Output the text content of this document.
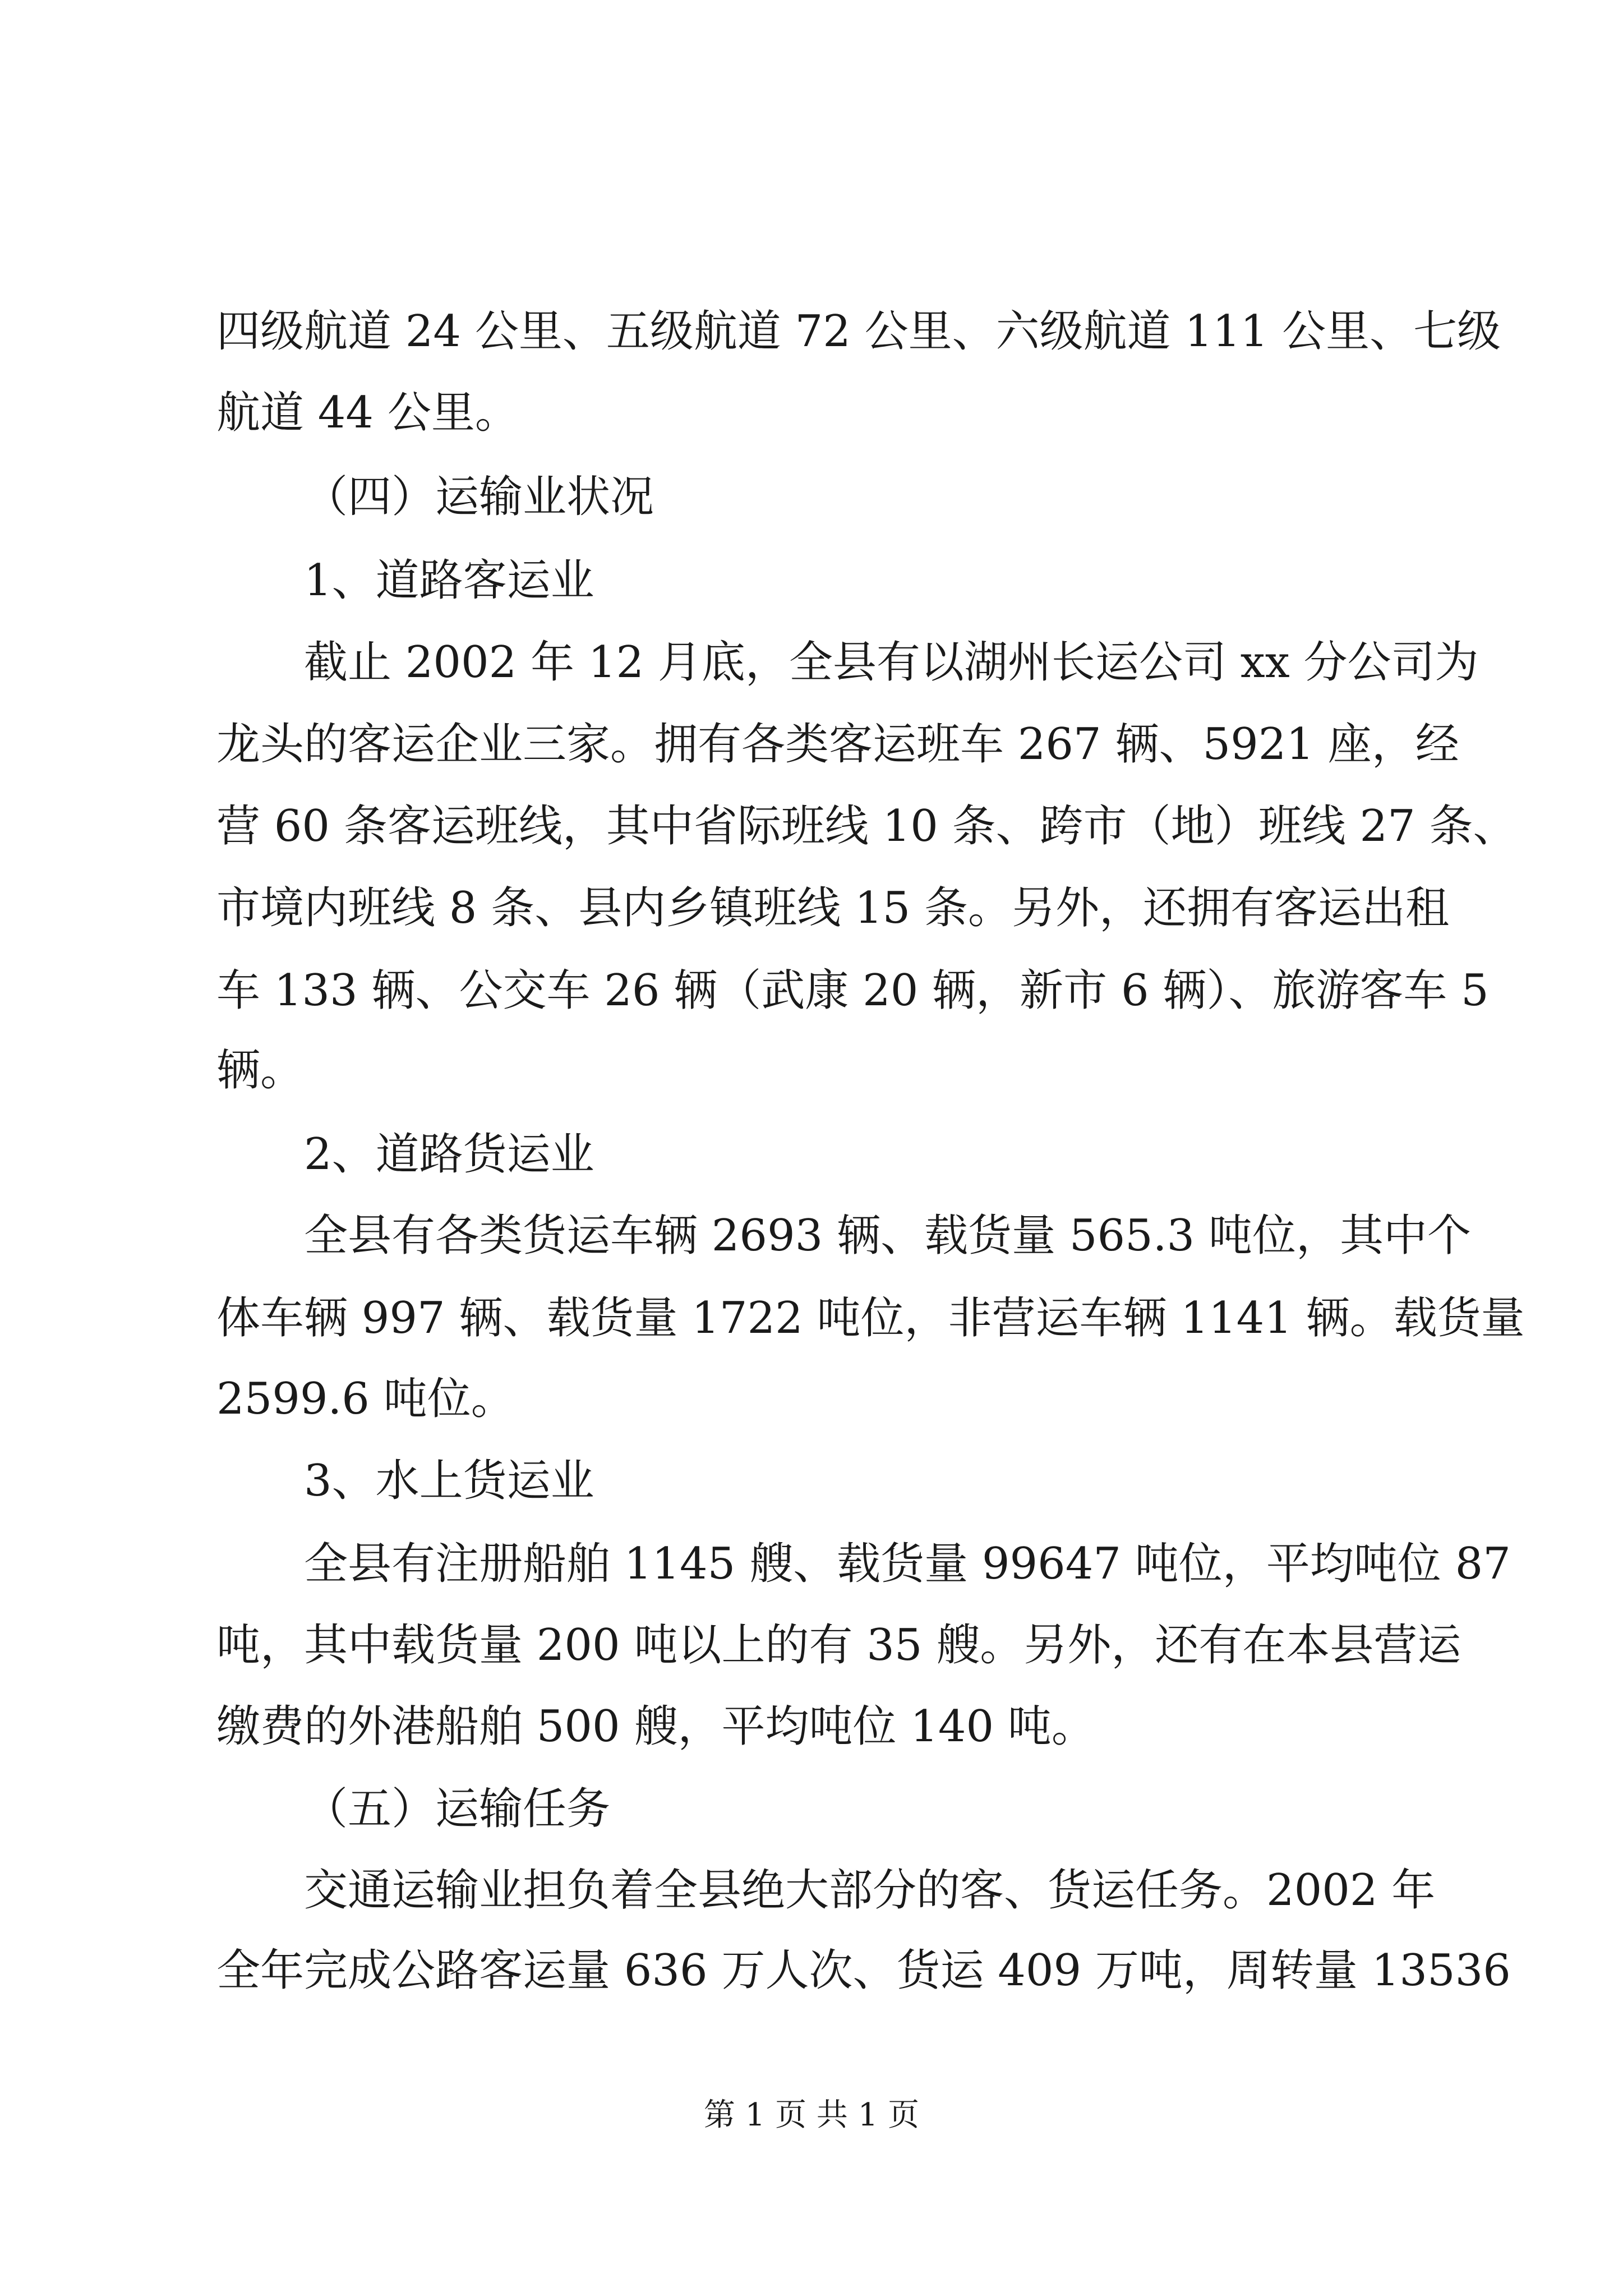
四级航道 24 公里、五级航道 72 公里、六级航道 111 公里、七级
航道 44 公里。
（四）运输业状况
1、道路客运业
截止 2002 年 12 月底，全县有以湖州长运公司 xx 分公司为
龙头的客运企业三家。拥有各类客运班车 267 辆、5921 座，经
营 60 条客运班线，其中省际班线 10 条、跨市（地）班线 27 条、
市境内班线 8 条、县内乡镇班线 15 条。另外，还拥有客运出租
车 133 辆、公交车 26 辆（武康 20 辆，新市 6 辆）、旅游客车 5
辆。
2、道路货运业
全县有各类货运车辆 2693 辆、载货量 565.3 吨位，其中个
体车辆 997 辆、载货量 1722 吨位，非营运车辆 1141 辆。载货量
2599.6 吨位。
3、水上货运业
全县有注册船舶 1145 艘、载货量 99647 吨位，平均吨位 87
吨，其中载货量 200 吨以上的有 35 艘。另外，还有在本县营运
缴费的外港船舶 500 艘，平均吨位 140 吨。
（五）运输任务
交通运输业担负着全县绝大部分的客、货运任务。2002 年
全年完成公路客运量 636 万人次、货运 409 万吨，周转量 13536
第 1 页 共 1 页
